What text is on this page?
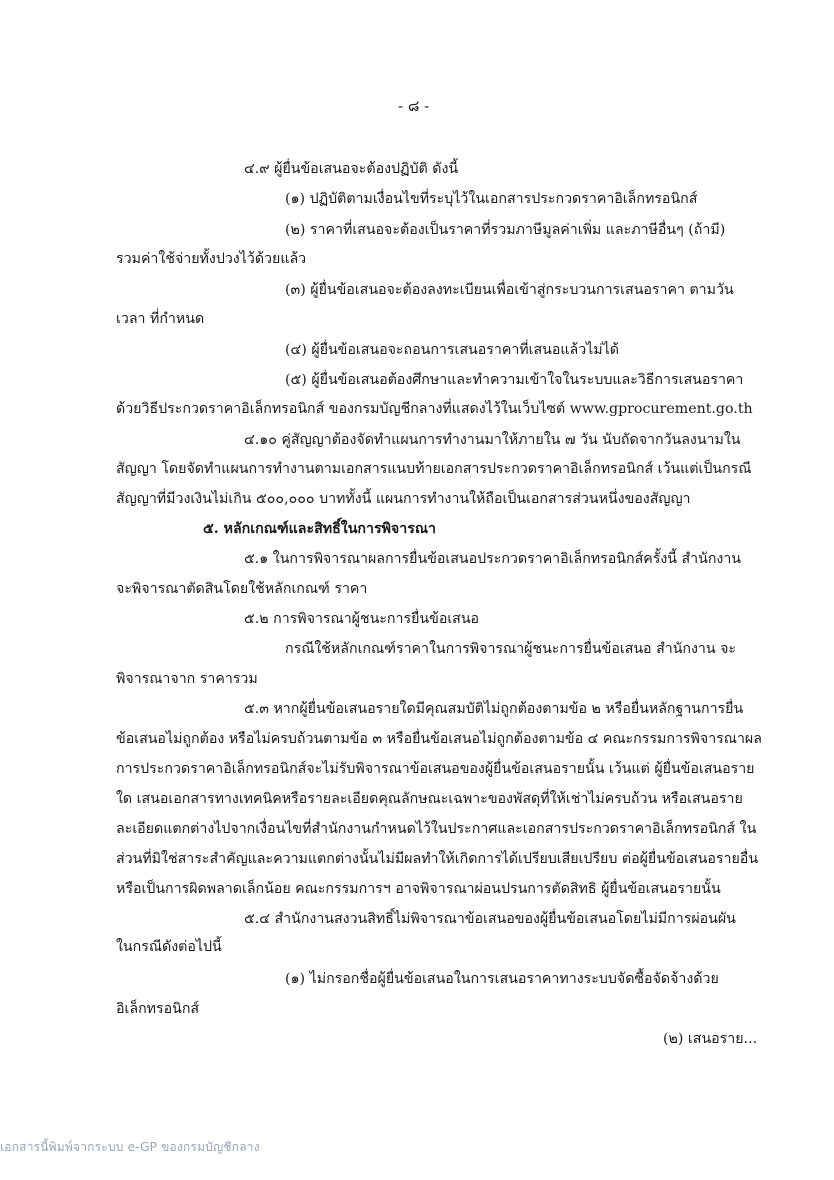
- ๘ -
๔.๙ ผู้ยื่นข้อเสนอจะต้องปฏิบัติ ดังนี้
(๑) ปฏิบัติตามเงื่อนไขที่ระบุไว้ในเอกสารประกวดราคาอิเล็กทรอนิกส์
(๒) ราคาที่เสนอจะต้องเป็นราคาที่รวมภาษีมูลค่าเพิ่ม และภาษีอื่นๆ (ถ้ามี)
รวมค่าใช้จ่ายทั้งปวงไว้ด้วยแล้ว
(๓) ผู้ยื่นข้อเสนอจะต้องลงทะเบียนเพื่อเข้าสู่กระบวนการเสนอราคา ตามวัน
เวลา ที่กำหนด
(๔) ผู้ยื่นข้อเสนอจะถอนการเสนอราคาที่เสนอแล้วไม่ได้
(๕) ผู้ยื่นข้อเสนอต้องศึกษาและทำความเข้าใจในระบบและวิธีการเสนอราคา
ด้วยวิธีประกวดราคาอิเล็กทรอนิกส์ ของกรมบัญชีกลางที่แสดงไว้ในเว็บไซต์ www.gprocurement.go.th
๔.๑๐ คู่สัญญาต้องจัดทำแผนการทำงานมาให้ภายใน ๗ วัน นับถัดจากวันลงนามใน
สัญญา โดยจัดทำแผนการทำงานตามเอกสารแนบท้ายเอกสารประกวดราคาอิเล็กทรอนิกส์ เว้นแต่เป็นกรณี
สัญญาที่มีวงเงินไม่เกิน ๕๐๐,๐๐๐ บาททั้งนี้ แผนการทำงานให้ถือเป็นเอกสารส่วนหนึ่งของสัญญา
๕. หลักเกณฑ์และสิทธิ์ในการพิจารณา
๕.๑ ในการพิจารณาผลการยื่นข้อเสนอประกวดราคาอิเล็กทรอนิกส์ครั้งนี้ สำนักงาน
จะพิจารณาตัดสินโดยใช้หลักเกณฑ์ ราคา
๕.๒ การพิจารณาผู้ชนะการยื่นข้อเสนอ
กรณีใช้หลักเกณฑ์ราคาในการพิจารณาผู้ชนะการยื่นข้อเสนอ สำนักงาน จะ
พิจารณาจาก ราคารวม
๕.๓ หากผู้ยื่นข้อเสนอรายใดมีคุณสมบัติไม่ถูกต้องตามข้อ ๒ หรือยื่นหลักฐานการยื่น
ข้อเสนอไม่ถูกต้อง หรือไม่ครบถ้วนตามข้อ ๓ หรือยื่นข้อเสนอไม่ถูกต้องตามข้อ ๔ คณะกรรมการพิจารณาผล
การประกวดราคาอิเล็กทรอนิกส์จะไม่รับพิจารณาข้อเสนอของผู้ยื่นข้อเสนอรายนั้น เว้นแต่ ผู้ยื่นข้อเสนอราย
ใด เสนอเอกสารทางเทคนิคหรือรายละเอียดคุณลักษณะเฉพาะของพัสดุที่ให้เช่าไม่ครบถ้วน หรือเสนอราย
ละเอียดแตกต่างไปจากเงื่อนไขที่สำนักงานกำหนดไว้ในประกาศและเอกสารประกวดราคาอิเล็กทรอนิกส์ ใน
ส่วนที่มิใช่สาระสำคัญและความแตกต่างนั้นไม่มีผลทำให้เกิดการได้เปรียบเสียเปรียบ ต่อผู้ยื่นข้อเสนอรายอื่น
หรือเป็นการผิดพลาดเล็กน้อย คณะกรรมการฯ อาจพิจารณาผ่อนปรนการตัดสิทธิ ผู้ยื่นข้อเสนอรายนั้น
๕.๔ สำนักงานสงวนสิทธิ์ไม่พิจารณาข้อเสนอของผู้ยื่นข้อเสนอโดยไม่มีการผ่อนผัน
ในกรณีดังต่อไปนี้
(๑) ไม่กรอกชื่อผู้ยื่นข้อเสนอในการเสนอราคาทางระบบจัดซื้อจัดจ้างด้วย
อิเล็กทรอนิกส์
(๒) เสนอราย...
เอกสารนี้พิมพ์จากระบบ e-GP ของกรมบัญชีกลาง
